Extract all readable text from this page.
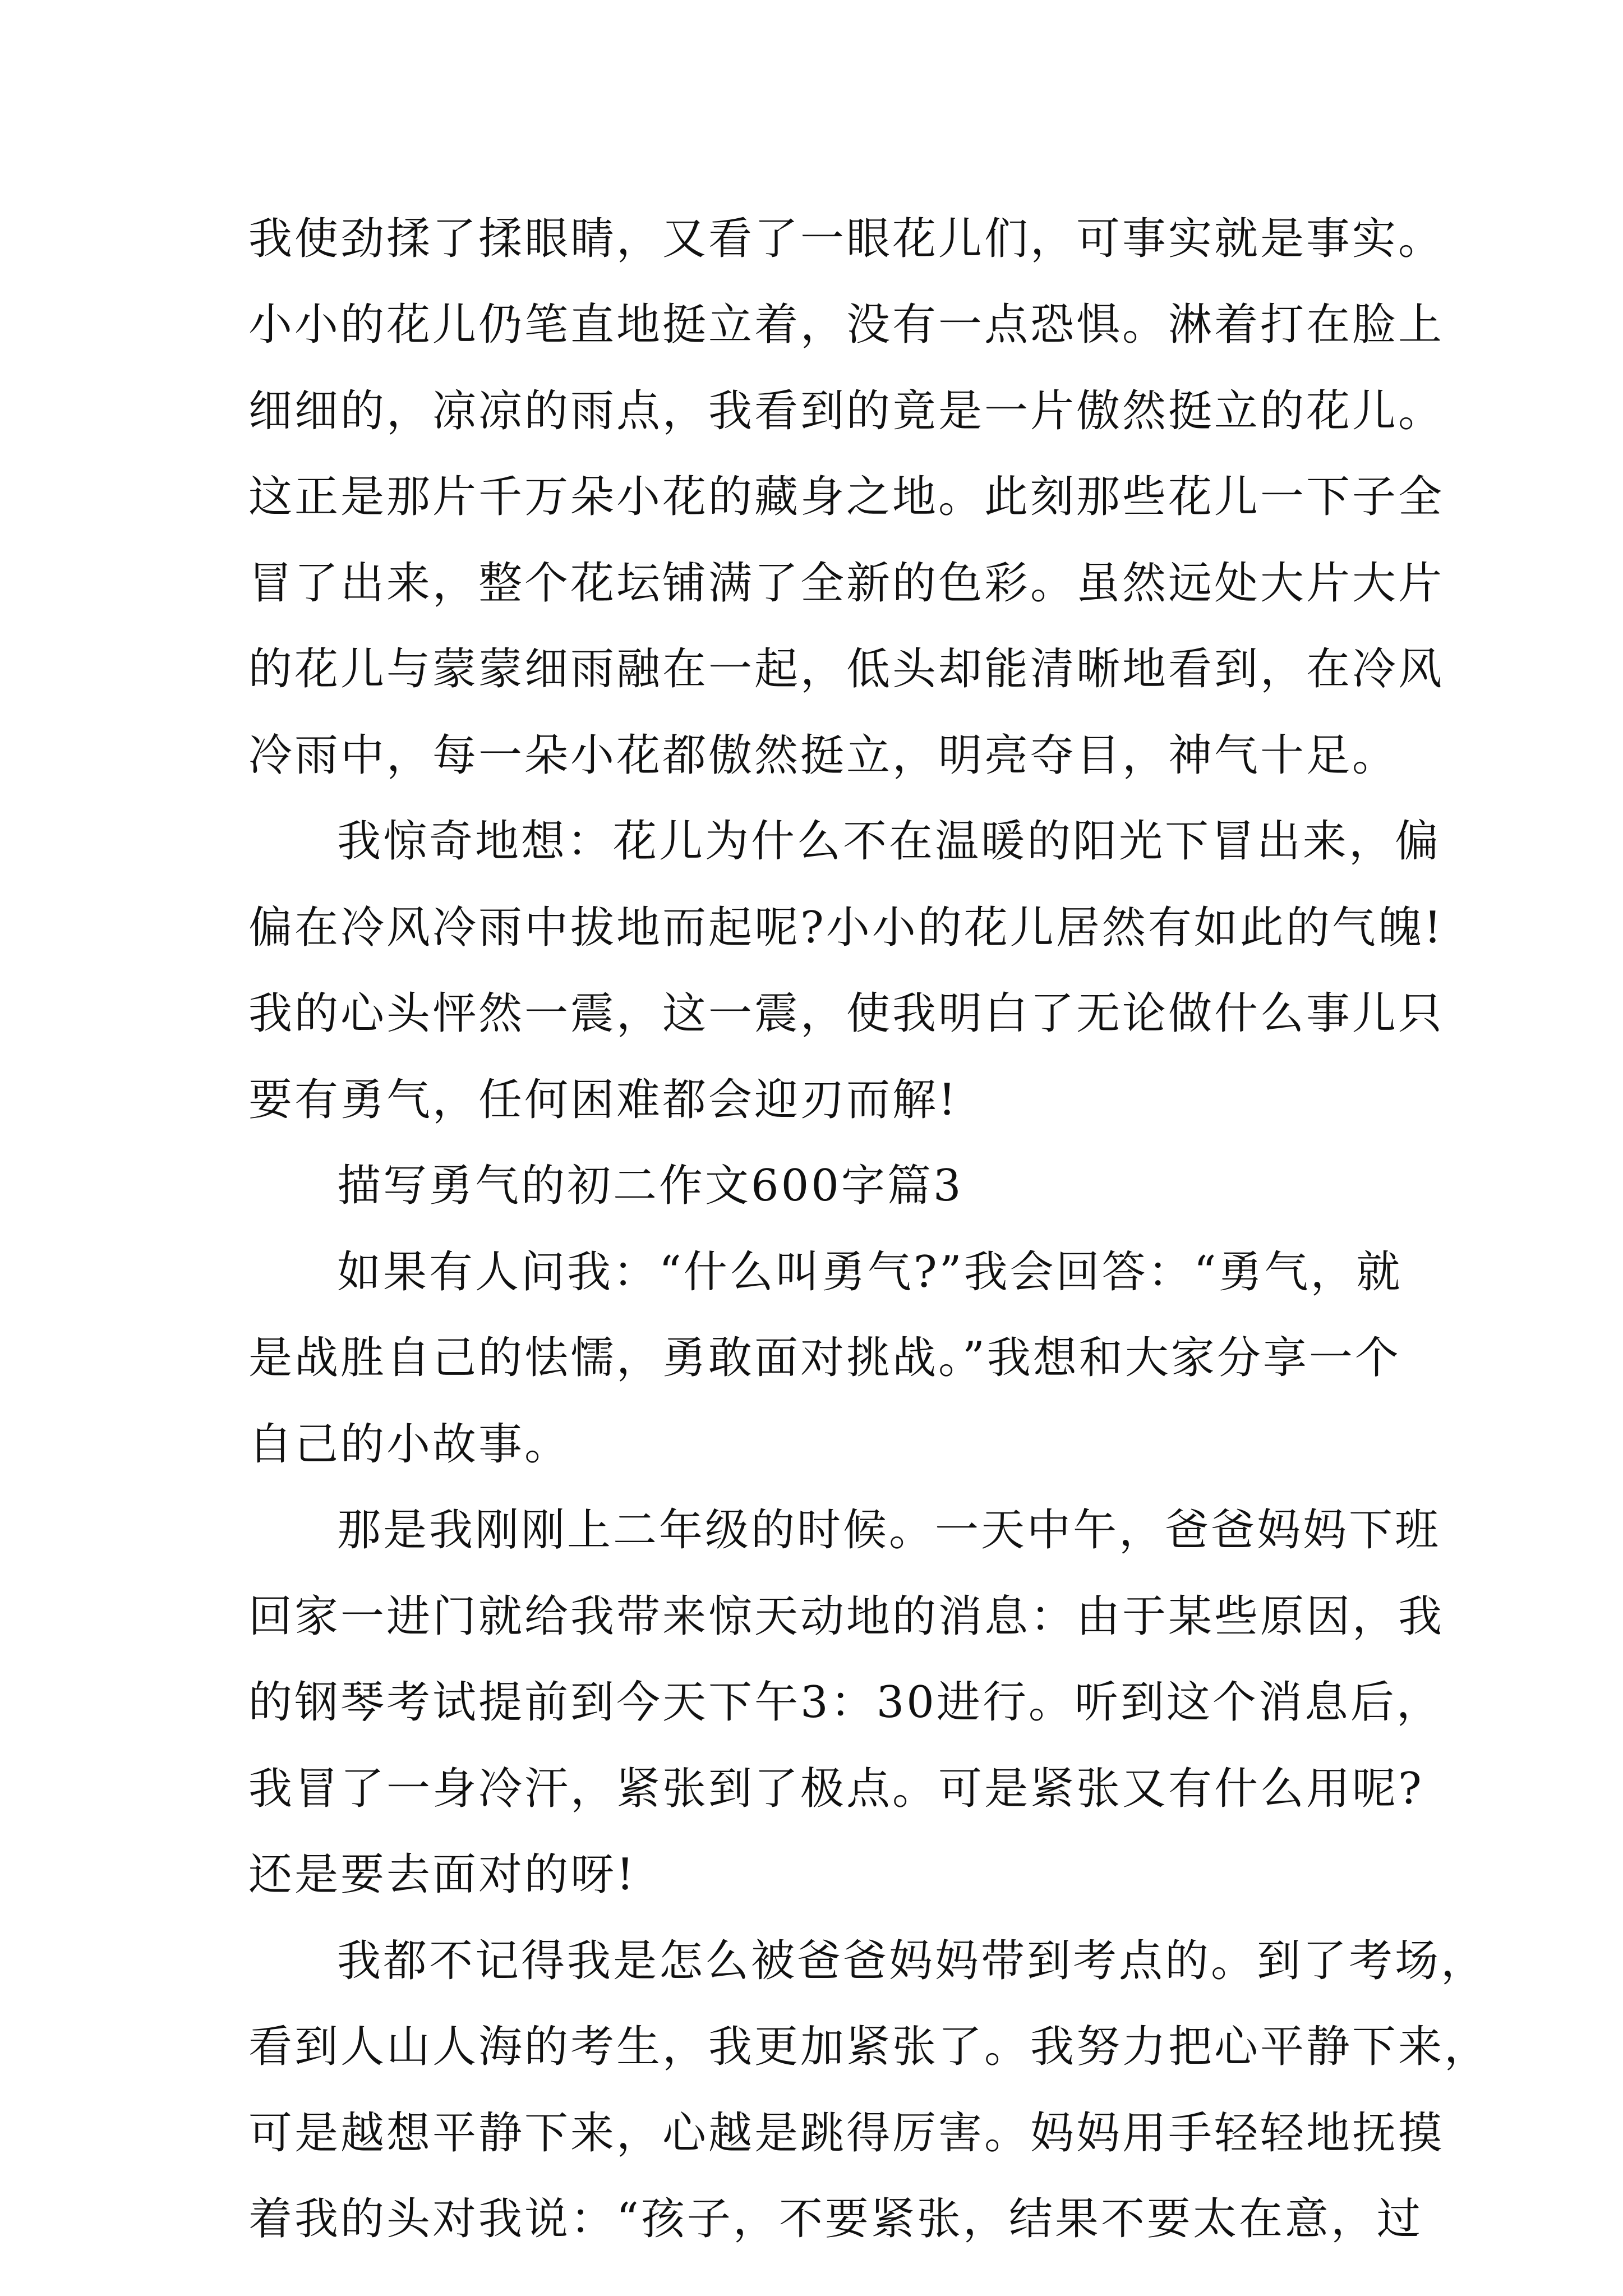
我使劲揉了揉眼睛，又看了一眼花儿们，可事实就是事实。
小小的花儿仍笔直地挺立着，没有一点恐惧。淋着打在脸上
细细的，凉凉的雨点，我看到的竟是一片傲然挺立的花儿。
这正是那片千万朵小花的藏身之地。此刻那些花儿一下子全
冒了出来，整个花坛铺满了全新的色彩。虽然远处大片大片
的花儿与蒙蒙细雨融在一起，低头却能清晰地看到，在冷风
冷雨中，每一朵小花都傲然挺立，明亮夺目，神气十足。
我惊奇地想：花儿为什么不在温暖的阳光下冒出来，偏
偏在冷风冷雨中拔地而起呢?小小的花儿居然有如此的气魄!
我的心头怦然一震，这一震，使我明白了无论做什么事儿只
要有勇气，任何困难都会迎刃而解!
描写勇气的初二作文600字篇3
如果有人问我：“什么叫勇气?”我会回答：“勇气，就
是战胜自己的怯懦，勇敢面对挑战。”我想和大家分享一个
自己的小故事。
那是我刚刚上二年级的时候。一天中午，爸爸妈妈下班
回家一进门就给我带来惊天动地的消息：由于某些原因，我
的钢琴考试提前到今天下午3：30进行。听到这个消息后，
我冒了一身冷汗，紧张到了极点。可是紧张又有什么用呢?
还是要去面对的呀!
我都不记得我是怎么被爸爸妈妈带到考点的。到了考场，
看到人山人海的考生，我更加紧张了。我努力把心平静下来，
可是越想平静下来，心越是跳得厉害。妈妈用手轻轻地抚摸
着我的头对我说：“孩子，不要紧张，结果不要太在意，过
